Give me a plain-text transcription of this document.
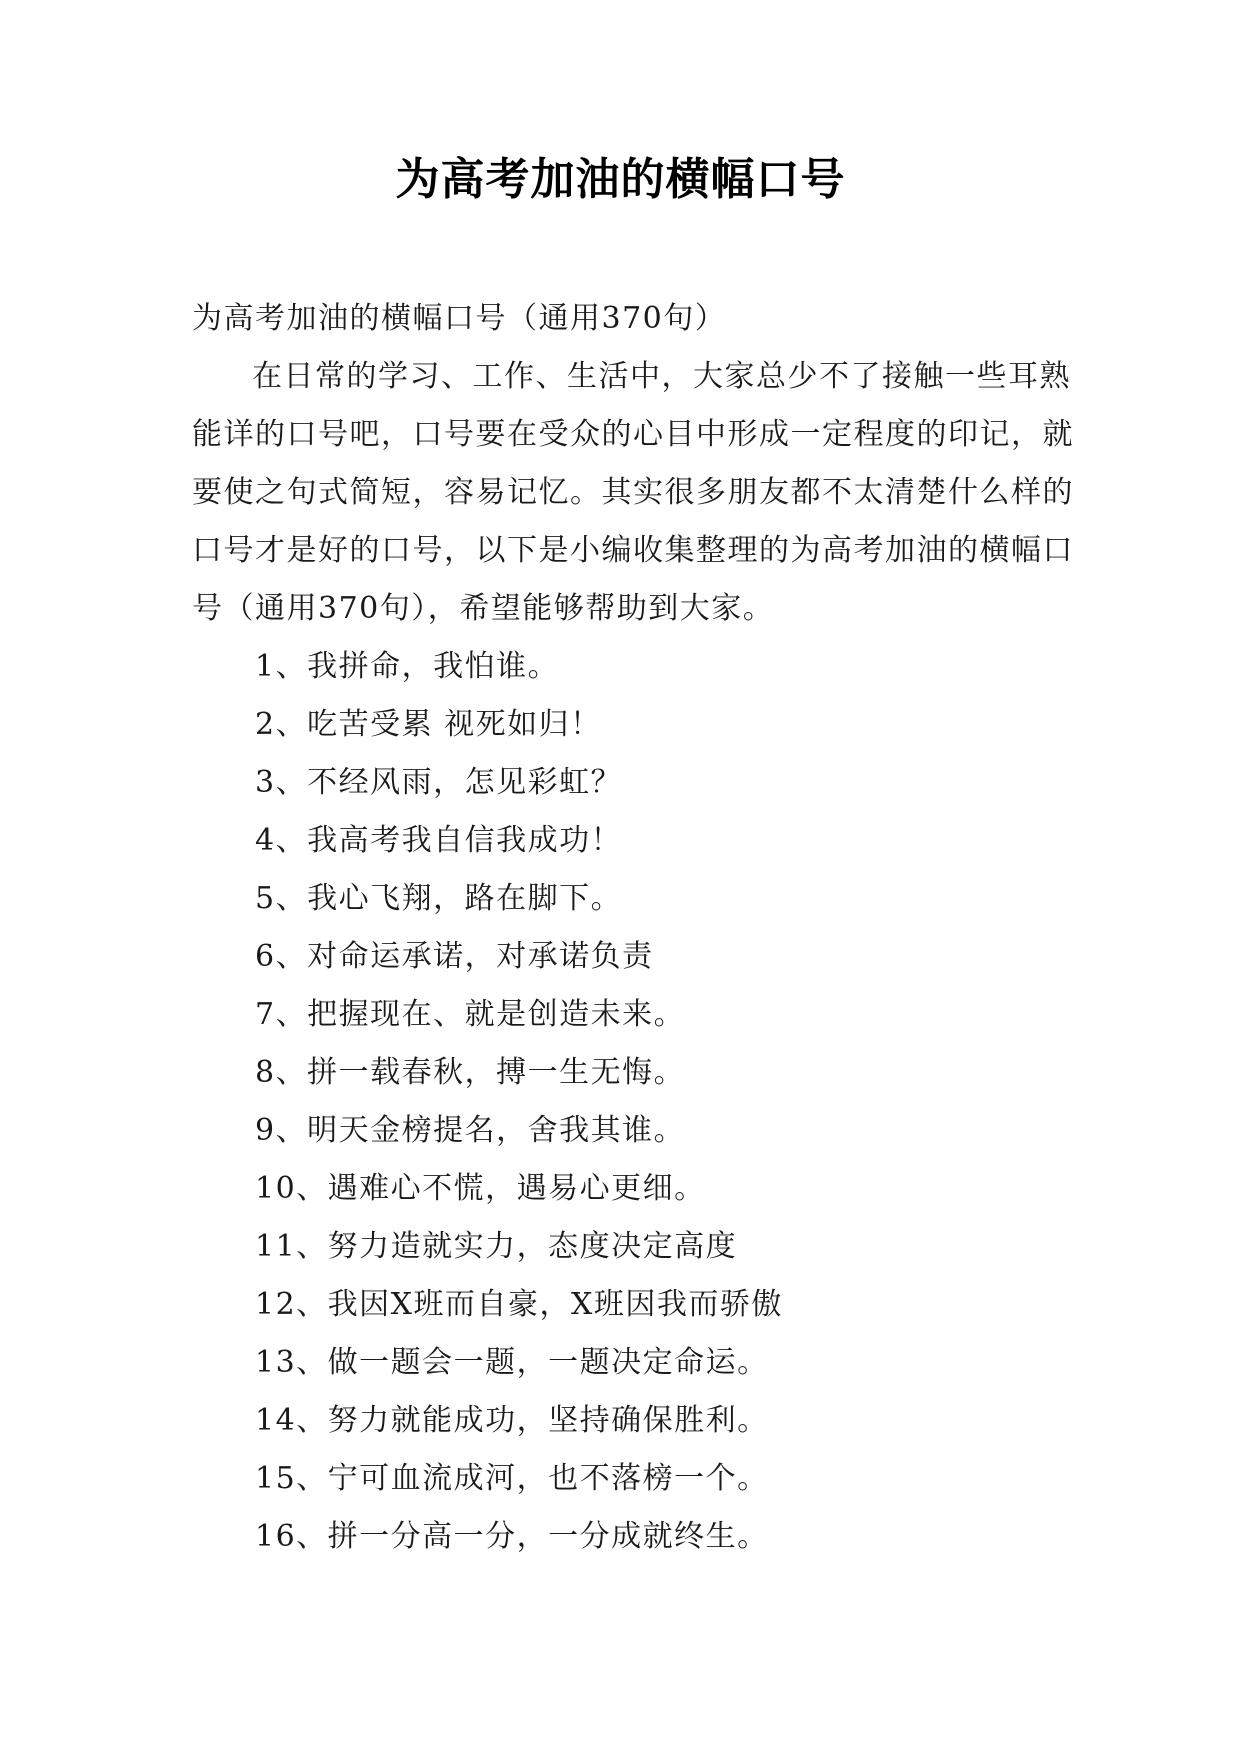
为高考加油的横幅口号

为高考加油的横幅口号（通用370句）

在日常的学习、工作、生活中，大家总少不了接触一些耳熟能详的口号吧，口号要在受众的心目中形成一定程度的印记，就要使之句式简短，容易记忆。其实很多朋友都不太清楚什么样的口号才是好的口号，以下是小编收集整理的为高考加油的横幅口号（通用370句），希望能够帮助到大家。

1、我拼命，我怕谁。

2、吃苦受累 视死如归！

3、不经风雨，怎见彩虹？

4、我高考我自信我成功！

5、我心飞翔，路在脚下。

6、对命运承诺，对承诺负责

7、把握现在、就是创造未来。

8、拼一载春秋，搏一生无悔。

9、明天金榜提名，舍我其谁。

10、遇难心不慌，遇易心更细。

11、努力造就实力，态度决定高度

12、我因X班而自豪，X班因我而骄傲

13、做一题会一题，一题决定命运。

14、努力就能成功，坚持确保胜利。

15、宁可血流成河，也不落榜一个。

16、拼一分高一分，一分成就终生。
